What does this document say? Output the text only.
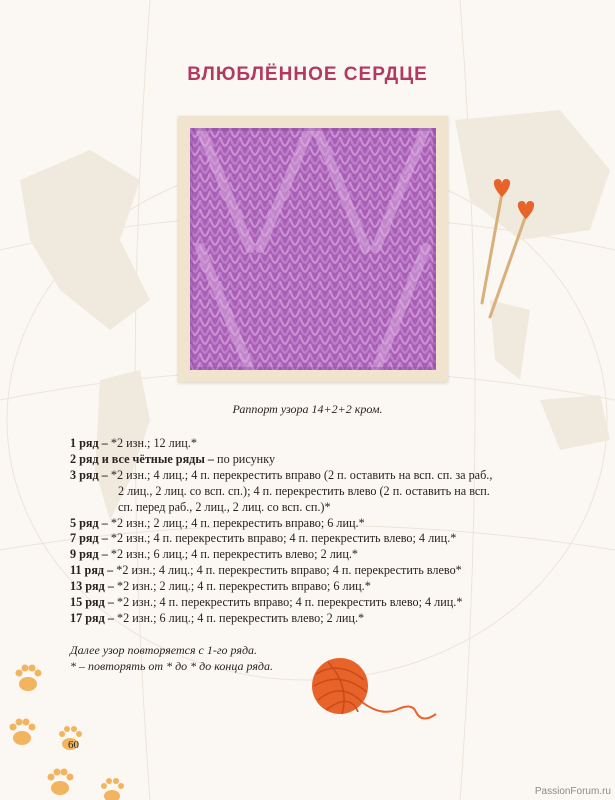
ВЛЮБЛЁННОЕ СЕРДЦЕ
Раппорт узора 14+2+2 кром.
1 ряд – *2 изн.; 12 лиц.*
2 ряд и все чётные ряды – по рисунку
3 ряд – *2 изн.; 4 лиц.; 4 п. перекрестить вправо (2 п. оставить на всп. сп. за раб.,
2 лиц., 2 лиц. со всп. сп.); 4 п. перекрестить влево (2 п. оставить на всп.
сп. перед раб., 2 лиц., 2 лиц. со всп. сп.)*
5 ряд – *2 изн.; 2 лиц.; 4 п. перекрестить вправо; 6 лиц.*
7 ряд – *2 изн.; 4 п. перекрестить вправо; 4 п. перекрестить влево; 4 лиц.*
9 ряд – *2 изн.; 6 лиц.; 4 п. перекрестить влево; 2 лиц.*
11 ряд – *2 изн.; 4 лиц.; 4 п. перекрестить вправо; 4 п. перекрестить влево*
13 ряд – *2 изн.; 2 лиц.; 4 п. перекрестить вправо; 6 лиц.*
15 ряд – *2 изн.; 4 п. перекрестить вправо; 4 п. перекрестить влево; 4 лиц.*
17 ряд – *2 изн.; 6 лиц.; 4 п. перекрестить влево; 2 лиц.*
Далее узор повторяется с 1-го ряда.
* – повторять от * до * до конца ряда.
60
PassionForum.ru
